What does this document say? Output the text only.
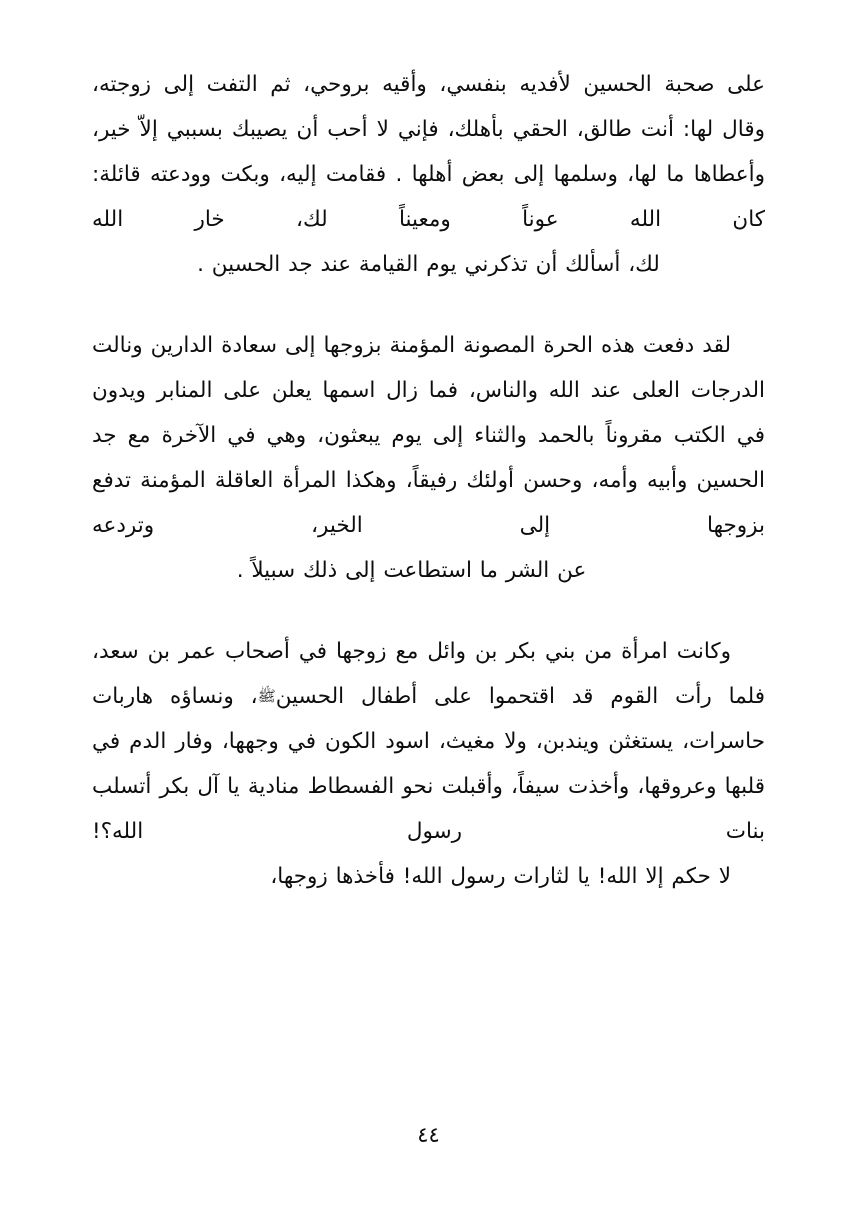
على صحبة الحسين لأفديه بنفسي، وأقيه بروحي، ثم التفت إلى زوجته، وقال لها: أنت طالق، الحقي بأهلك، فإني لا أحب أن يصيبك بسببي إلاّ خير، وأعطاها ما لها، وسلمها إلى بعض أهلها . فقامت إليه، وبكت وودعته قائلة: كان الله عوناً ومعيناً لك، خار الله
لك، أسألك أن تذكرني يوم القيامة عند جد الحسين .

لقد دفعت هذه الحرة المصونة المؤمنة بزوجها إلى سعادة الدارين ونالت الدرجات العلى عند الله والناس، فما زال اسمها يعلن على المنابر ويدون في الكتب مقروناً بالحمد والثناء إلى يوم يبعثون، وهي في الآخرة مع جد الحسين وأبيه وأمه، وحسن أولئك رفيقاً، وهكذا المرأة العاقلة المؤمنة تدفع بزوجها إلى الخير، وتردعه
عن الشر ما استطاعت إلى ذلك سبيلاً .

وكانت امرأة من بني بكر بن وائل مع زوجها في أصحاب عمر بن سعد، فلما رأت القوم قد اقتحموا على أطفال الحسينﷺ، ونساؤه هاربات حاسرات، يستغثن ويندبن، ولا مغيث، اسود الكون في وجهها، وفار الدم في قلبها وعروقها، وأخذت سيفاً، وأقبلت نحو الفسطاط منادية يا آل بكر أتسلب بنات رسول الله؟!
لا حكم إلا الله! يا لثارات رسول الله! فأخذها زوجها،

٤٤
